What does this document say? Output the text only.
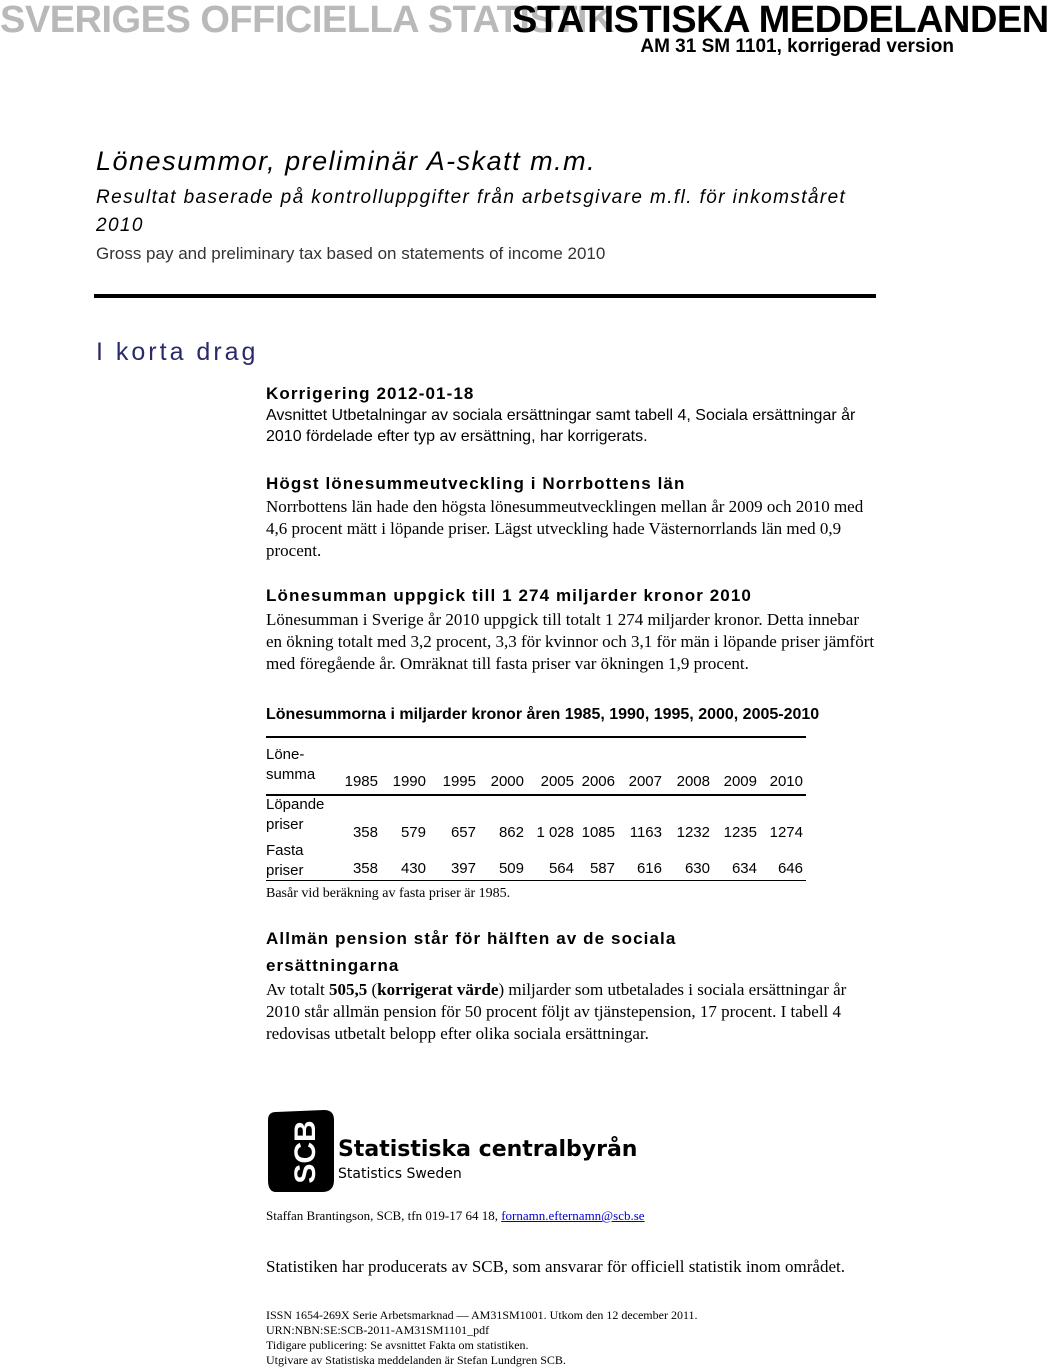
SVERIGES OFFICIELLA STATISTIK
STATISTISKA MEDDELANDEN
AM 31 SM 1101, korrigerad version
Lönesummor, preliminär A-skatt m.m.
Resultat baserade på kontrolluppgifter från arbetsgivare m.fl. för inkomståret 2010
Gross pay and preliminary tax based on statements of income 2010
I korta drag
Korrigering 2012-01-18
Avsnittet Utbetalningar av sociala ersättningar samt tabell 4, Sociala ersättningar år 2010 fördelade efter typ av ersättning, har korrigerats.
Högst lönesummeutveckling i Norrbottens län
Norrbottens län hade den högsta lönesummeutvecklingen mellan år 2009 och 2010 med 4,6 procent mätt i löpande priser. Lägst utveckling hade Västernorrlands län med 0,9 procent.
Lönesumman uppgick till 1 274 miljarder kronor 2010
Lönesumman i Sverige år 2010 uppgick till totalt 1 274 miljarder kronor. Detta innebar en ökning totalt med 3,2 procent, 3,3 för kvinnor och 3,1 för män i löpande priser jämfört med föregående år. Omräknat till fasta priser var ökningen 1,9 procent.
Lönesummorna i miljarder kronor åren 1985, 1990, 1995, 2000, 2005-2010
Löne-
summa 1985 1990 1995 2000 2005 2006 2007 2008 2009 2010
Löpande
priser
Fasta
priser
358 579 657 862 1 028 1085 1163 1232 1235 1274
358 430 397 509 564 587 616 630 634 646
Basår vid beräkning av fasta priser är 1985.
Allmän pension står för hälften av de sociala
ersättningarna
Av totalt 505,5 (korrigerat värde) miljarder som utbetalades i sociala ersättningar år 2010 står allmän pension för 50 procent följt av tjänstepension, 17 procent. I tabell 4 redovisas utbetalt belopp efter olika sociala ersättningar.
SCB Statistiska centralbyrån
Statistics Sweden
Staffan Brantingson, SCB, tfn 019-17 64 18, fornamn.efternamn@scb.se
Statistiken har producerats av SCB, som ansvarar för officiell statistik inom området.
ISSN 1654-269X Serie Arbetsmarknad — AM31SM1001. Utkom den 12 december 2011.
URN:NBN:SE:SCB-2011-AM31SM1101_pdf
Tidigare publicering: Se avsnittet Fakta om statistiken.
Utgivare av Statistiska meddelanden är Stefan Lundgren SCB.
